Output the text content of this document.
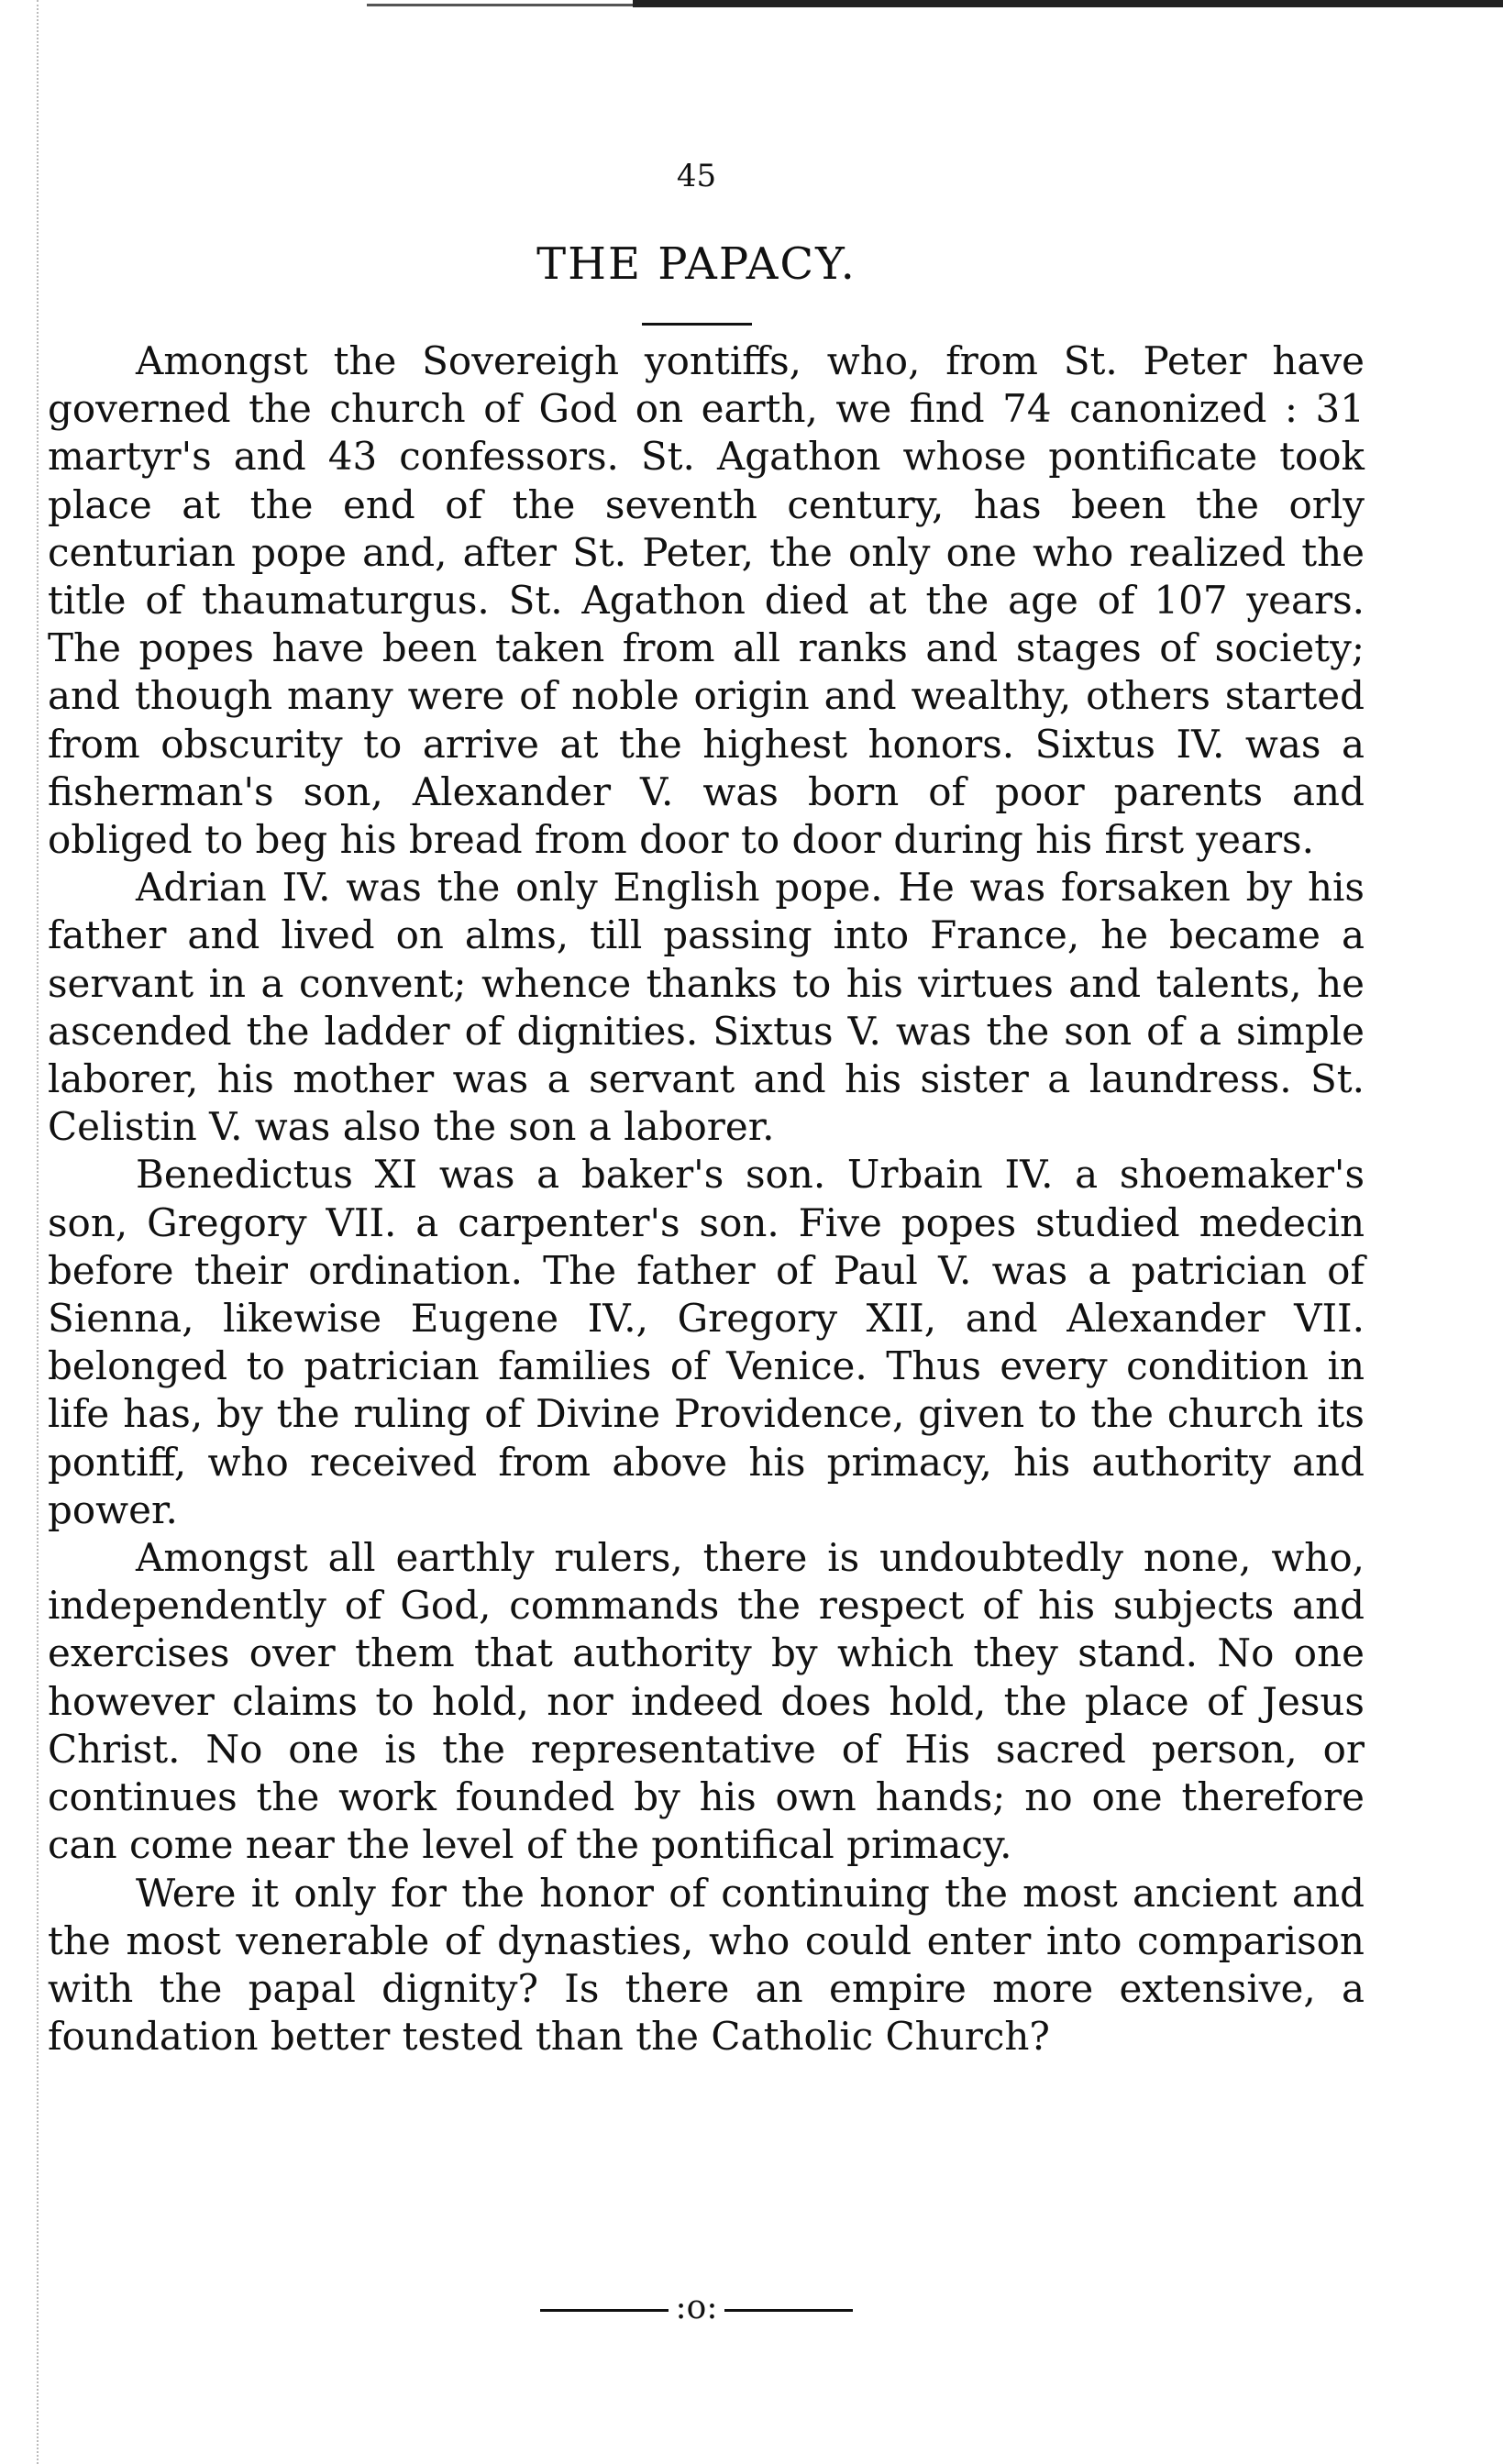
45
THE PAPACY.

Amongst the Sovereigh yontiffs, who, from St. Peter have governed the church of God on earth, we find 74 canonized : 31 martyr's and 43 confessors. St. Agathon whose pontificate took place at the end of the seventh century, has been the orly centurian pope and, after St. Peter, the only one who realized the title of thaumaturgus. St. Agathon died at the age of 107 years. The popes have been taken from all ranks and stages of society; and though many were of noble origin and wealthy, others started from obscurity to arrive at the highest honors. Sixtus IV. was a fisherman's son, Alexander V. was born of poor parents and obliged to beg his bread from door to door during his first years.

Adrian IV. was the only English pope. He was forsaken by his father and lived on alms, till passing into France, he became a servant in a convent; whence thanks to his virtues and talents, he ascended the ladder of dignities. Sixtus V. was the son of a simple laborer, his mother was a servant and his sister a laundress. St. Celistin V. was also the son a laborer.

Benedictus XI was a baker's son. Urbain IV. a shoemaker's son, Gregory VII. a carpenter's son. Five popes studied medecin before their ordination. The father of Paul V. was a patrician of Sienna, likewise Eugene IV., Gregory XII, and Alexander VII. belonged to patrician families of Venice. Thus every condition in life has, by the ruling of Divine Providence, given to the church its pontiff, who received from above his primacy, his authority and power.

Amongst all earthly rulers, there is undoubtedly none, who, independently of God, commands the respect of his subjects and exercises over them that authority by which they stand. No one however claims to hold, nor indeed does hold, the place of Jesus Christ. No one is the representative of His sacred person, or continues the work founded by his own hands; no one therefore can come near the level of the pontifical primacy.

Were it only for the honor of continuing the most ancient and the most venerable of dynasties, who could enter into comparison with the papal dignity? Is there an empire more extensive, a foundation better tested than the Catholic Church?

:o:
